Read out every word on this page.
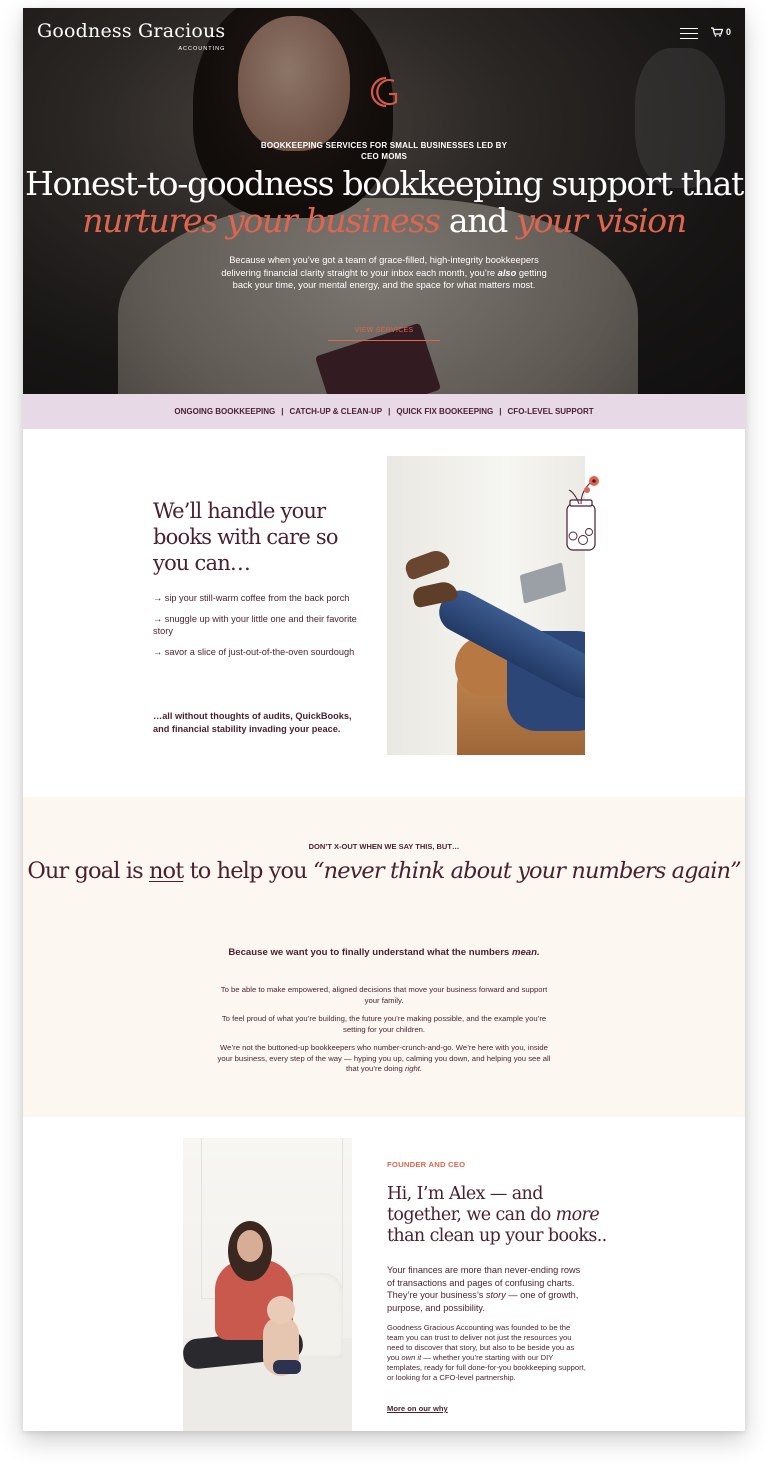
Goodness Gracious
ACCOUNTING
0
BOOKKEEPING SERVICES FOR SMALL BUSINESSES LED BY CEO MOMS
Honest-to-goodness bookkeeping support that
nurtures your business and your vision

Because when you’ve got a team of grace-filled, high-integrity bookkeepers delivering financial clarity straight to your inbox each month, you’re also getting back your time, your mental energy, and the space for what matters most.

VIEW SERVICES
ONGOING BOOKKEEPING | CATCH-UP & CLEAN-UP | QUICK FIX BOOKEEPING | CFO-LEVEL SUPPORT
We’ll handle your books with care so you can…
→ sip your still-warm coffee from the back porch
→ snuggle up with your little one and their favorite story
→ savor a slice of just-out-of-the-oven sourdough

…all without thoughts of audits, QuickBooks, and financial stability invading your peace.

DON’T X-OUT WHEN WE SAY THIS, BUT…
Our goal is not to help you “never think about your numbers again”

Because we want you to finally understand what the numbers mean.

To be able to make empowered, aligned decisions that move your business forward and support your family.

To feel proud of what you’re building, the future you’re making possible, and the example you’re setting for your children.

We’re not the buttoned-up bookkeepers who number-crunch-and-go. We’re here with you, inside your business, every step of the way — hyping you up, calming you down, and helping you see all that you’re doing right.

FOUNDER AND CEO
Hi, I’m Alex — and together, we can do more than clean up your books..

Your finances are more than never-ending rows of transactions and pages of confusing charts. They’re your business’s story — one of growth, purpose, and possibility.

Goodness Gracious Accounting was founded to be the team you can trust to deliver not just the resources you need to discover that story, but also to be beside you as you own it — whether you’re starting with our DIY templates, ready for full done-for-you bookkeeping support, or looking for a CFO-level partnership.

More on our why
